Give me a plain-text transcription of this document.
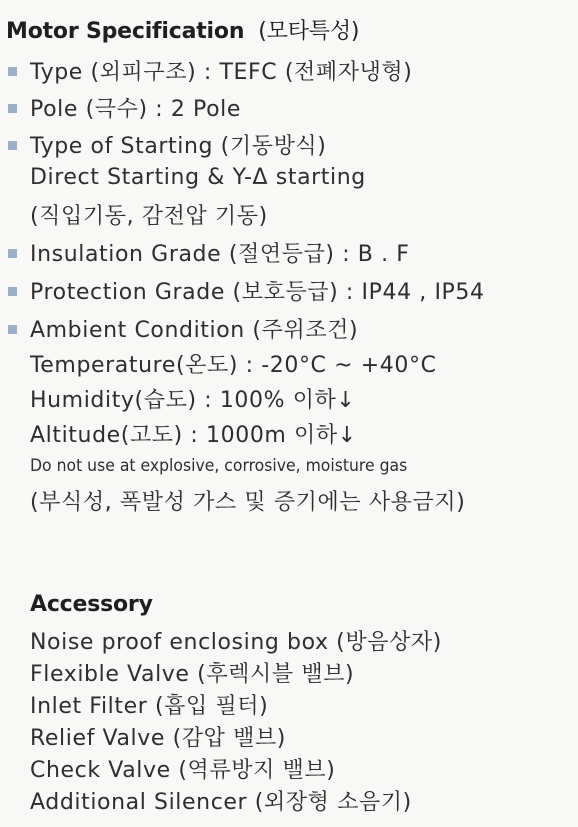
Motor Specification (모타특성)
Type (외피구조) : TEFC (전폐자냉형)
Pole (극수) : 2 Pole
Type of Starting (기동방식)
Direct Starting & Y-Δ starting
(직입기동, 감전압 기동)
Insulation Grade (절연등급) : B . F
Protection Grade (보호등급) : IP44 , IP54
Ambient Condition (주위조건)
Temperature(온도) : -20°C ~ +40°C
Humidity(습도) : 100% 이하↓
Altitude(고도) : 1000m 이하↓
Do not use at explosive, corrosive, moisture gas
(부식성, 폭발성 가스 및 증기에는 사용금지)
Accessory
Noise proof enclosing box (방음상자)
Flexible Valve (후렉시블 밸브)
Inlet Filter (흡입 필터)
Relief Valve (감압 밸브)
Check Valve (역류방지 밸브)
Additional Silencer (외장형 소음기)
